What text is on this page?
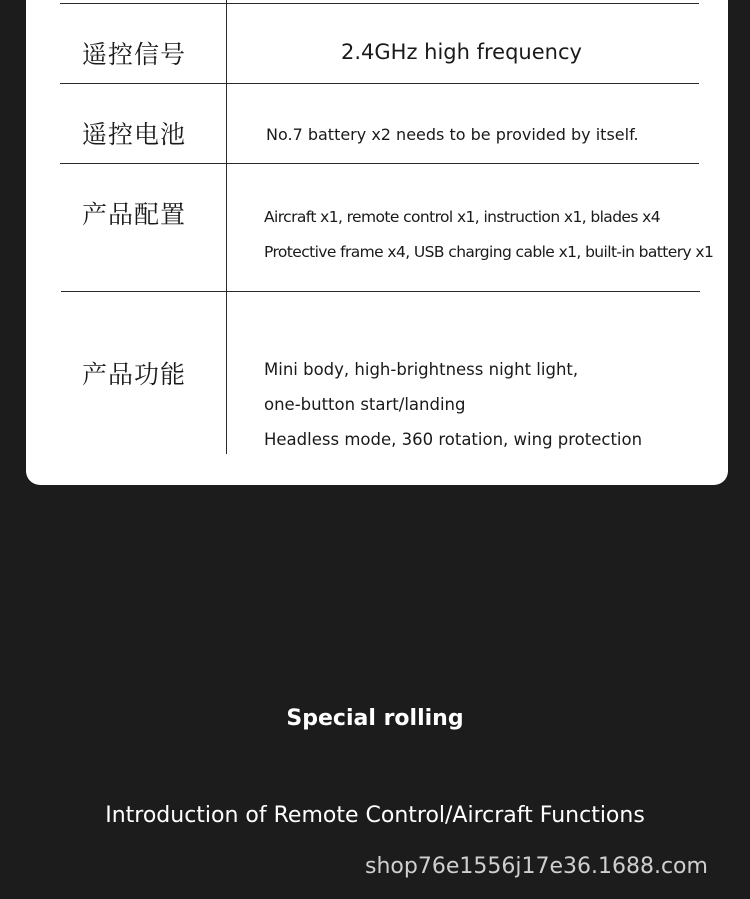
遥控信号	2.4GHz high frequency
遥控电池	No.7 battery x2 needs to be provided by itself.
产品配置	Aircraft x1, remote control x1, instruction x1, blades x4
Protective frame x4, USB charging cable x1, built-in battery x1
产品功能	Mini body, high-brightness night light,
one-button start/landing
Headless mode, 360 rotation, wing protection
Special rolling
Introduction of Remote Control/Aircraft Functions
shop76e1556j17e36.1688.com
